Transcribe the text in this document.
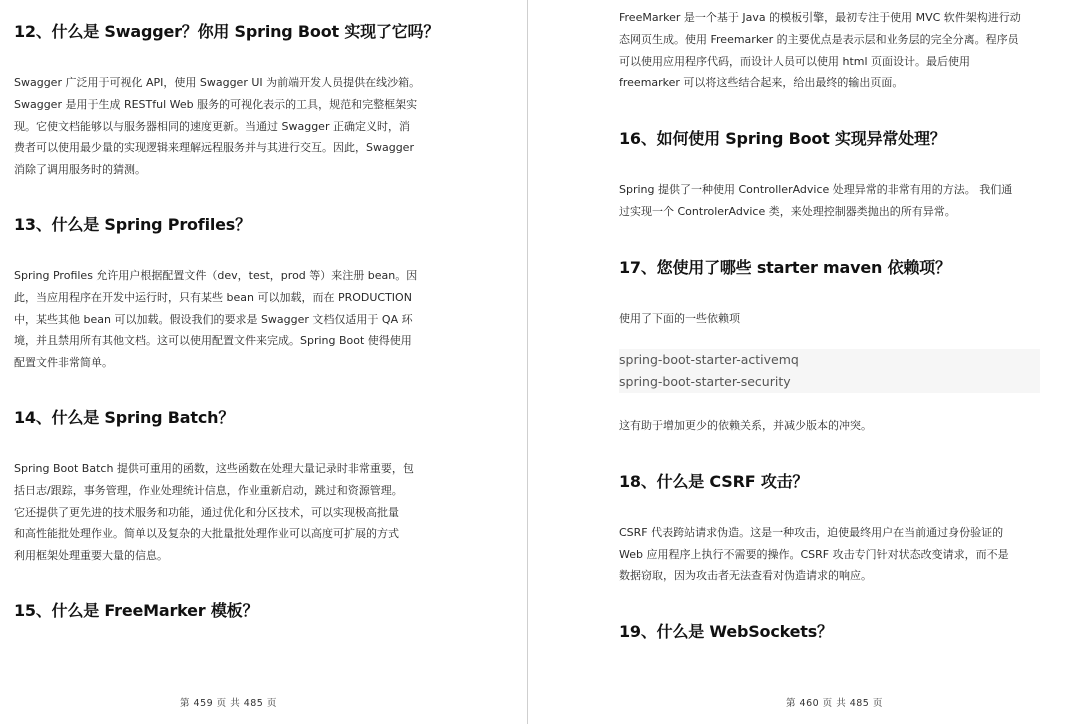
12、什么是 Swagger？你用 Spring Boot 实现了它吗？
Swagger 广泛用于可视化 API，使用 Swagger UI 为前端开发人员提供在线沙箱。
Swagger 是用于生成 RESTful Web 服务的可视化表示的工具，规范和完整框架实
现。它使文档能够以与服务器相同的速度更新。当通过 Swagger 正确定义时，消
费者可以使用最少量的实现逻辑来理解远程服务并与其进行交互。因此，Swagger
消除了调用服务时的猜测。
13、什么是 Spring Profiles？
Spring Profiles 允许用户根据配置文件（dev，test，prod 等）来注册 bean。因
此，当应用程序在开发中运行时，只有某些 bean 可以加载，而在 PRODUCTION
中，某些其他 bean 可以加载。假设我们的要求是 Swagger 文档仅适用于 QA 环
境，并且禁用所有其他文档。这可以使用配置文件来完成。Spring Boot 使得使用
配置文件非常简单。
14、什么是 Spring Batch？
Spring Boot Batch 提供可重用的函数，这些函数在处理大量记录时非常重要，包
括日志/跟踪，事务管理，作业处理统计信息，作业重新启动，跳过和资源管理。
它还提供了更先进的技术服务和功能，通过优化和分区技术，可以实现极高批量
和高性能批处理作业。简单以及复杂的大批量批处理作业可以高度可扩展的方式
利用框架处理重要大量的信息。
15、什么是 FreeMarker 模板？
第 459 页 共 485 页
FreeMarker 是一个基于 Java 的模板引擎，最初专注于使用 MVC 软件架构进行动
态网页生成。使用 Freemarker 的主要优点是表示层和业务层的完全分离。程序员
可以使用应用程序代码，而设计人员可以使用 html 页面设计。最后使用
freemarker 可以将这些结合起来，给出最终的输出页面。
16、如何使用 Spring Boot 实现异常处理？
Spring 提供了一种使用 ControllerAdvice 处理异常的非常有用的方法。 我们通
过实现一个 ControlerAdvice 类，来处理控制器类抛出的所有异常。
17、您使用了哪些 starter maven 依赖项？
使用了下面的一些依赖项
spring-boot-starter-activemq
spring-boot-starter-security
这有助于增加更少的依赖关系，并减少版本的冲突。
18、什么是 CSRF 攻击？
CSRF 代表跨站请求伪造。这是一种攻击，迫使最终用户在当前通过身份验证的
Web 应用程序上执行不需要的操作。CSRF 攻击专门针对状态改变请求，而不是
数据窃取，因为攻击者无法查看对伪造请求的响应。
19、什么是 WebSockets？
第 460 页 共 485 页
